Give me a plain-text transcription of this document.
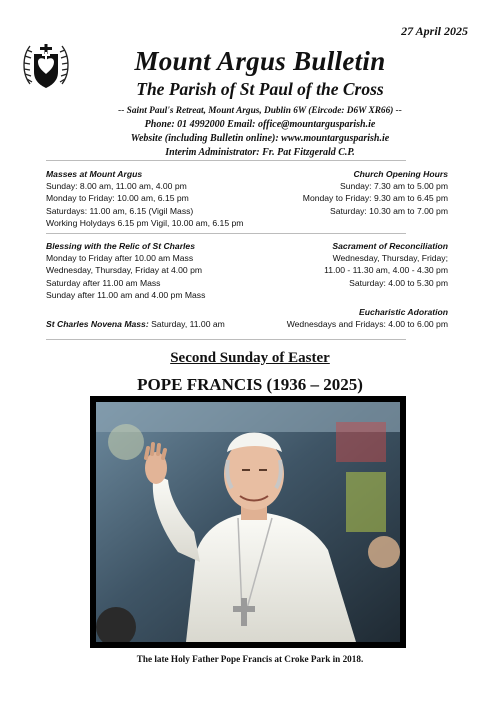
27 April 2025
Mount Argus Bulletin
The Parish of St Paul of the Cross
-- Saint Paul's Retreat, Mount Argus, Dublin 6W (Eircode: D6W XR66) --
Phone: 01 4992000 Email: office@mountargusparish.ie
Website (including Bulletin online): www.mountargusparish.ie
Interim Administrator: Fr. Pat Fitzgerald C.P.
Masses at Mount Argus
Sunday: 8.00 am, 11.00 am, 4.00 pm
Monday to Friday: 10.00 am, 6.15 pm
Saturdays: 11.00 am, 6.15 (Vigil Mass)
Working Holydays 6.15 pm Vigil, 10.00 am, 6.15 pm
Church Opening Hours
Sunday: 7.30 am to 5.00 pm
Monday to Friday: 9.30 am to 6.45 pm
Saturday: 10.30 am to 7.00 pm
Blessing with the Relic of St Charles
Monday to Friday after 10.00 am Mass
Wednesday, Thursday, Friday at 4.00 pm
Saturday after 11.00 am Mass
Sunday after 11.00 am and 4.00 pm Mass
Sacrament of Reconciliation
Wednesday, Thursday, Friday;
11.00 - 11.30 am, 4.00 - 4.30 pm
Saturday: 4.00 to 5.30 pm
St Charles Novena Mass: Saturday, 11.00 am
Eucharistic Adoration
Wednesdays and Fridays: 4.00 to 6.00 pm
Second Sunday of Easter
POPE FRANCIS (1936 – 2025)
The late Holy Father Pope Francis at Croke Park in 2018.
